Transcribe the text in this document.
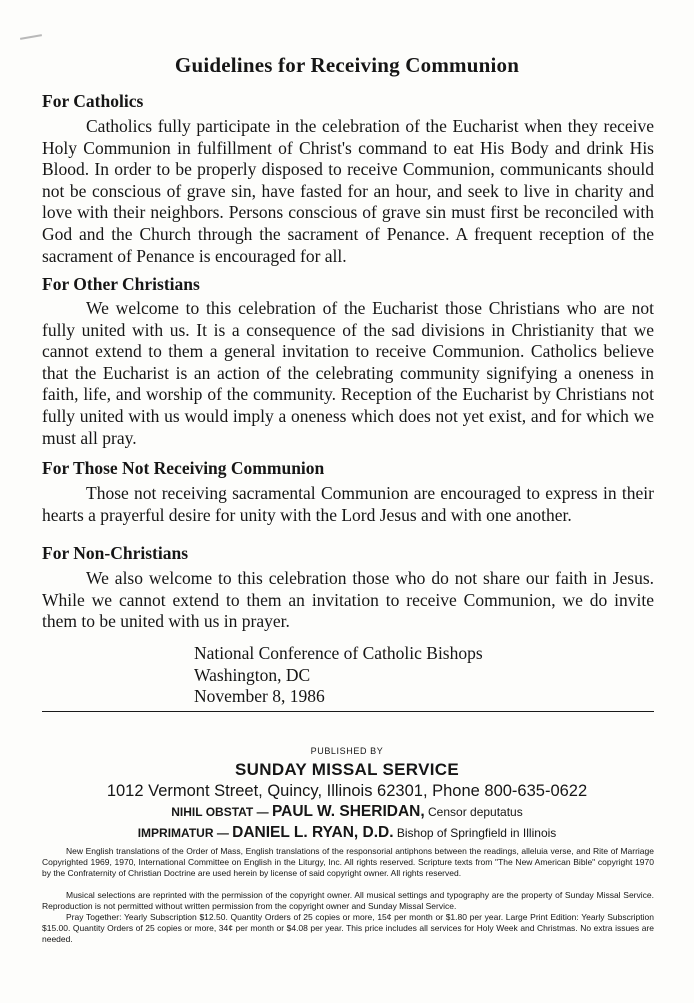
Guidelines for Receiving Communion
For Catholics
Catholics fully participate in the celebration of the Eucharist when they receive Holy Communion in fulfillment of Christ's command to eat His Body and drink His Blood. In order to be properly disposed to receive Communion, communicants should not be conscious of grave sin, have fasted for an hour, and seek to live in charity and love with their neighbors. Persons conscious of grave sin must first be reconciled with God and the Church through the sacrament of Penance. A frequent reception of the sacrament of Penance is encouraged for all.
For Other Christians
We welcome to this celebration of the Eucharist those Christians who are not fully united with us. It is a consequence of the sad divisions in Christianity that we cannot extend to them a general invitation to receive Communion. Catholics believe that the Eucharist is an action of the celebrating community signifying a oneness in faith, life, and worship of the community. Reception of the Eucharist by Christians not fully united with us would imply a oneness which does not yet exist, and for which we must all pray.
For Those Not Receiving Communion
Those not receiving sacramental Communion are encouraged to express in their hearts a prayerful desire for unity with the Lord Jesus and with one another.
For Non-Christians
We also welcome to this celebration those who do not share our faith in Jesus. While we cannot extend to them an invitation to receive Communion, we do invite them to be united with us in prayer.
National Conference of Catholic Bishops
Washington, DC
November 8, 1986
PUBLISHED BY
SUNDAY MISSAL SERVICE
1012 Vermont Street, Quincy, Illinois 62301, Phone 800-635-0622
NIHIL OBSTAT — PAUL W. SHERIDAN, Censor deputatus
IMPRIMATUR — DANIEL L. RYAN, D.D. Bishop of Springfield in Illinois
New English translations of the Order of Mass, English translations of the responsorial antiphons between the readings, alleluia verse, and Rite of Marriage Copyrighted 1969, 1970, International Committee on English in the Liturgy, Inc. All rights reserved. Scripture texts from "The New American Bible" copyright 1970 by the Confraternity of Christian Doctrine are used herein by license of said copyright owner. All rights reserved.
Musical selections are reprinted with the permission of the copyright owner. All musical settings and typography are the property of Sunday Missal Service. Reproduction is not permitted without written permission from the copyright owner and Sunday Missal Service.
Pray Together: Yearly Subscription $12.50. Quantity Orders of 25 copies or more, 15¢ per month or $1.80 per year. Large Print Edition: Yearly Subscription $15.00. Quantity Orders of 25 copies or more, 34¢ per month or $4.08 per year. This price includes all services for Holy Week and Christmas. No extra issues are needed.
